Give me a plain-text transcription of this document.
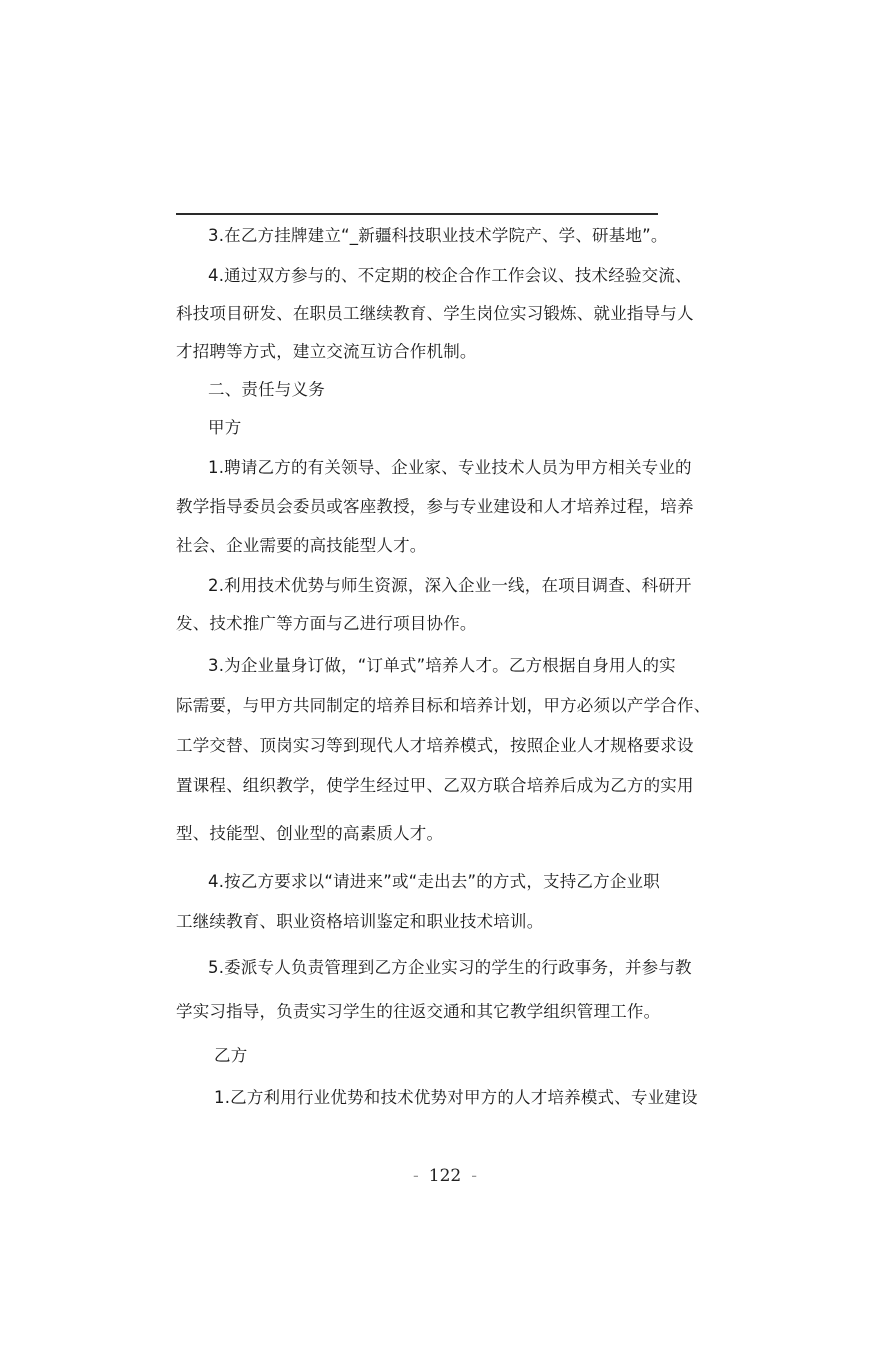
3.在乙方挂牌建立“_新疆科技职业技术学院产、学、研基地”。
4.通过双方参与的、不定期的校企合作工作会议、技术经验交流、
科技项目研发、在职员工继续教育、学生岗位实习锻炼、就业指导与人
才招聘等方式，建立交流互访合作机制。
二、责任与义务
甲方
1.聘请乙方的有关领导、企业家、专业技术人员为甲方相关专业的
教学指导委员会委员或客座教授，参与专业建设和人才培养过程，培养
社会、企业需要的高技能型人才。
2.利用技术优势与师生资源，深入企业一线，在项目调查、科研开
发、技术推广等方面与乙进行项目协作。
3.为企业量身订做，“订单式”培养人才。乙方根据自身用人的实
际需要，与甲方共同制定的培养目标和培养计划，甲方必须以产学合作、
工学交替、顶岗实习等到现代人才培养模式，按照企业人才规格要求设
置课程、组织教学，使学生经过甲、乙双方联合培养后成为乙方的实用
型、技能型、创业型的高素质人才。
4.按乙方要求以“请进来”或“走出去”的方式，支持乙方企业职
工继续教育、职业资格培训鉴定和职业技术培训。
5.委派专人负责管理到乙方企业实习的学生的行政事务，并参与教
学实习指导，负责实习学生的往返交通和其它教学组织管理工作。
乙方
1.乙方利用行业优势和技术优势对甲方的人才培养模式、专业建设
- 122 -
